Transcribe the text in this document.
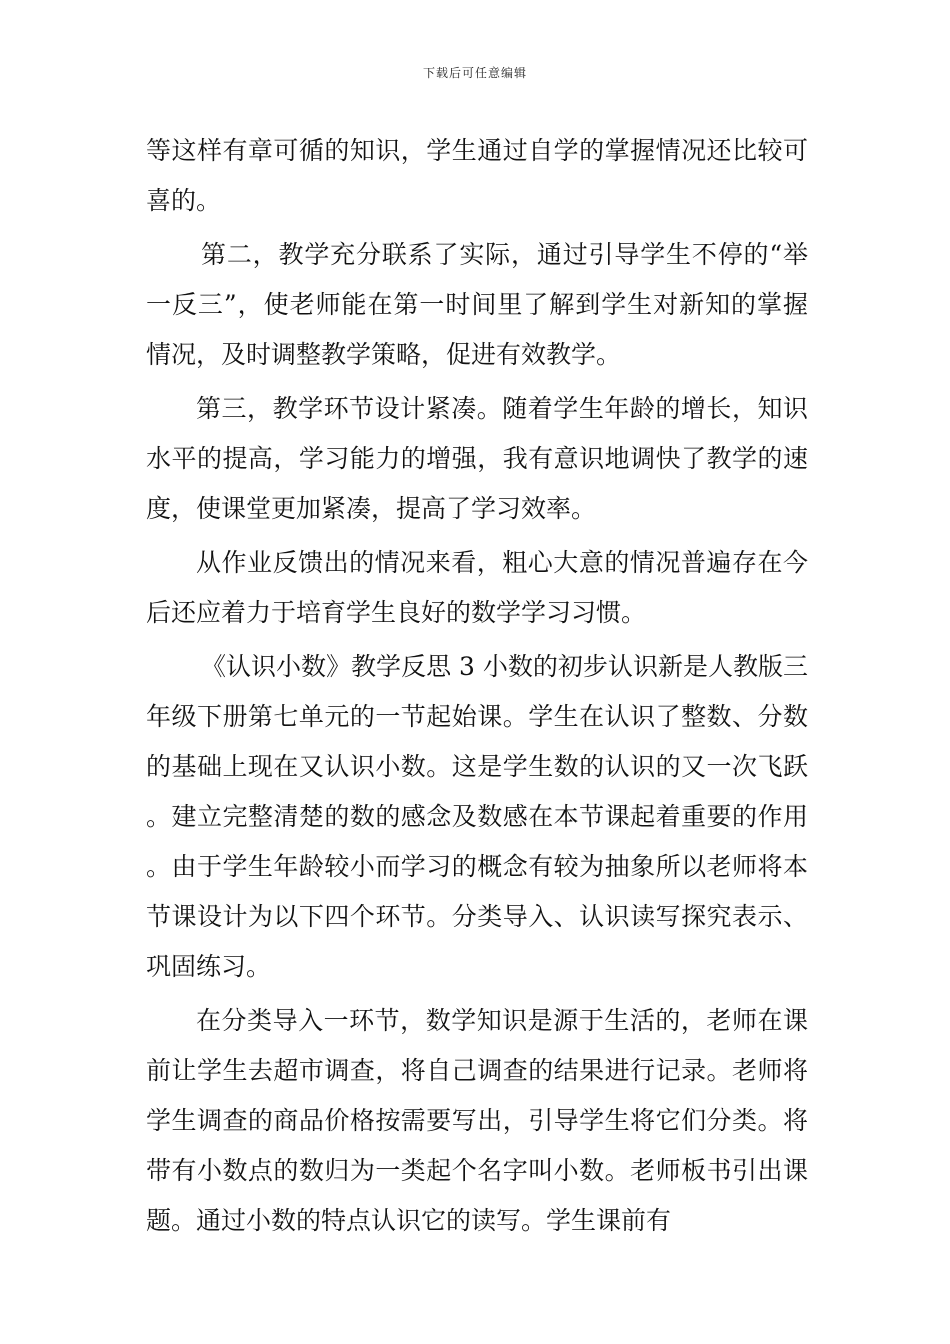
下载后可任意编辑

等这样有章可循的知识，学生通过自学的掌握情况还比较可喜的。

第二，教学充分联系了实际，通过引导学生不停的“举一反三”，使老师能在第一时间里了解到学生对新知的掌握情况，及时调整教学策略，促进有效教学。

第三，教学环节设计紧凑。随着学生年龄的增长，知识水平的提高，学习能力的增强，我有意识地调快了教学的速度，使课堂更加紧凑，提高了学习效率。

从作业反馈出的情况来看，粗心大意的情况普遍存在今后还应着力于培育学生良好的数学学习习惯。

《认识小数》教学反思 3 小数的初步认识新是人教版三年级下册第七单元的一节起始课。学生在认识了整数、分数的基础上现在又认识小数。这是学生数的认识的又一次飞跃。建立完整清楚的数的感念及数感在本节课起着重要的作用。由于学生年龄较小而学习的概念有较为抽象所以老师将本节课设计为以下四个环节。分类导入、认识读写探究表示、巩固练习。

在分类导入一环节，数学知识是源于生活的，老师在课前让学生去超市调查，将自己调查的结果进行记录。老师将学生调查的商品价格按需要写出，引导学生将它们分类。将带有小数点的数归为一类起个名字叫小数。老师板书引出课题。通过小数的特点认识它的读写。学生课前有
